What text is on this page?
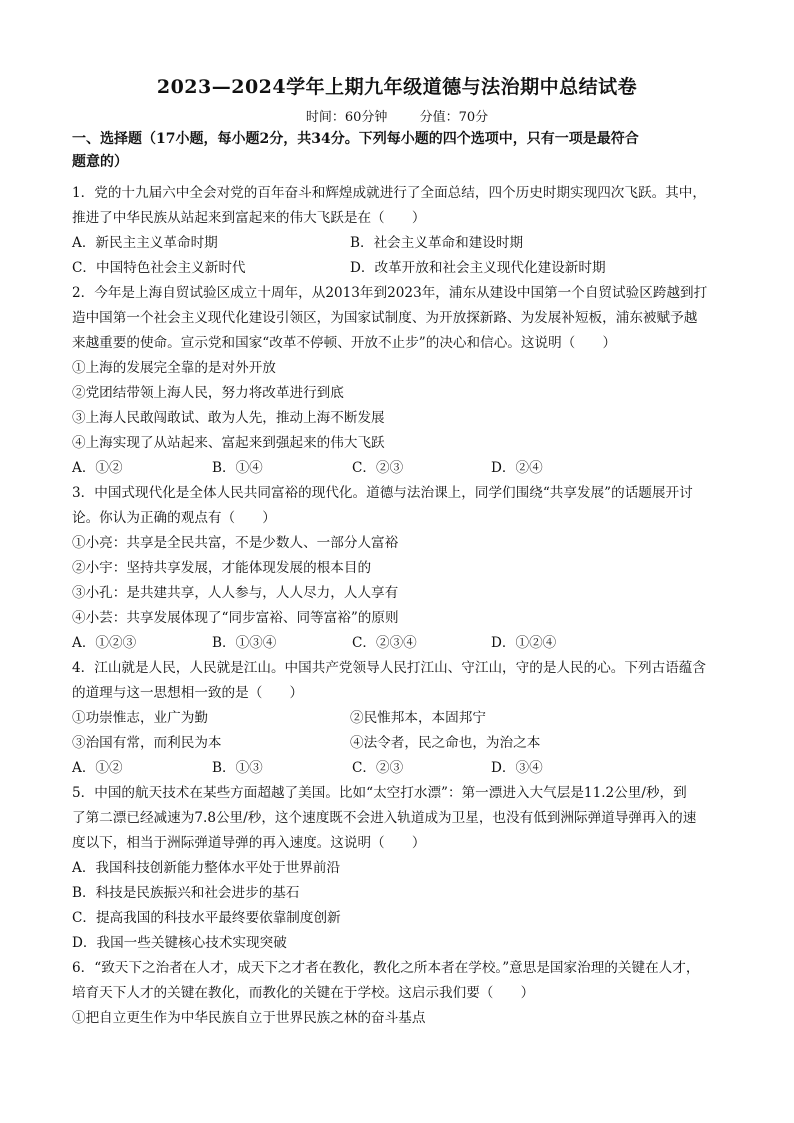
2023—2024学年上期九年级道德与法治期中总结试卷
时间：60分钟 分值：70分
一、选择题（17小题，每小题2分，共34分。下列每小题的四个选项中，只有一项是最符合
题意的）
1．党的十九届六中全会对党的百年奋斗和辉煌成就进行了全面总结，四个历史时期实现四次飞跃。其中，
推进了中华民族从站起来到富起来的伟大飞跃是在（　　）
A．新民主主义革命时期	B．社会主义革命和建设时期
C．中国特色社会主义新时代	D．改革开放和社会主义现代化建设新时期
2．今年是上海自贸试验区成立十周年，从2013年到2023年，浦东从建设中国第一个自贸试验区跨越到打
造中国第一个社会主义现代化建设引领区，为国家试制度、为开放探新路、为发展补短板，浦东被赋予越
来越重要的使命。宣示党和国家“改革不停顿、开放不止步”的决心和信心。这说明（　　）
①上海的发展完全靠的是对外开放
②党团结带领上海人民，努力将改革进行到底
③上海人民敢闯敢试、敢为人先，推动上海不断发展
④上海实现了从站起来、富起来到强起来的伟大飞跃
A．①②	B．①④	C．②③	D．②④
3．中国式现代化是全体人民共同富裕的现代化。道德与法治课上，同学们围绕“共享发展”的话题展开讨
论。你认为正确的观点有（　　）
①小亮：共享是全民共富，不是少数人、一部分人富裕
②小宇：坚持共享发展，才能体现发展的根本目的
③小孔：是共建共享，人人参与，人人尽力，人人享有
④小芸：共享发展体现了“同步富裕、同等富裕”的原则
A．①②③	B．①③④	C．②③④	D．①②④
4．江山就是人民，人民就是江山。中国共产党领导人民打江山、守江山，守的是人民的心。下列古语蕴含
的道理与这一思想相一致的是（　　）
①功崇惟志，业广为勤	②民惟邦本，本固邦宁
③治国有常，而利民为本	④法令者，民之命也，为治之本
A．①②	B．①③	C．②③	D．③④
5．中国的航天技术在某些方面超越了美国。比如“太空打水漂”：第一漂进入大气层是11.2公里/秒，到
了第二漂已经减速为7.8公里/秒，这个速度既不会进入轨道成为卫星，也没有低到洲际弹道导弹再入的速
度以下，相当于洲际弹道导弹的再入速度。这说明（　　）
A．我国科技创新能力整体水平处于世界前沿
B．科技是民族振兴和社会进步的基石
C．提高我国的科技水平最终要依靠制度创新
D．我国一些关键核心技术实现突破
6．“致天下之治者在人才，成天下之才者在教化，教化之所本者在学校。”意思是国家治理的关键在人才，
培育天下人才的关键在教化，而教化的关键在于学校。这启示我们要（　　）
①把自立更生作为中华民族自立于世界民族之林的奋斗基点
